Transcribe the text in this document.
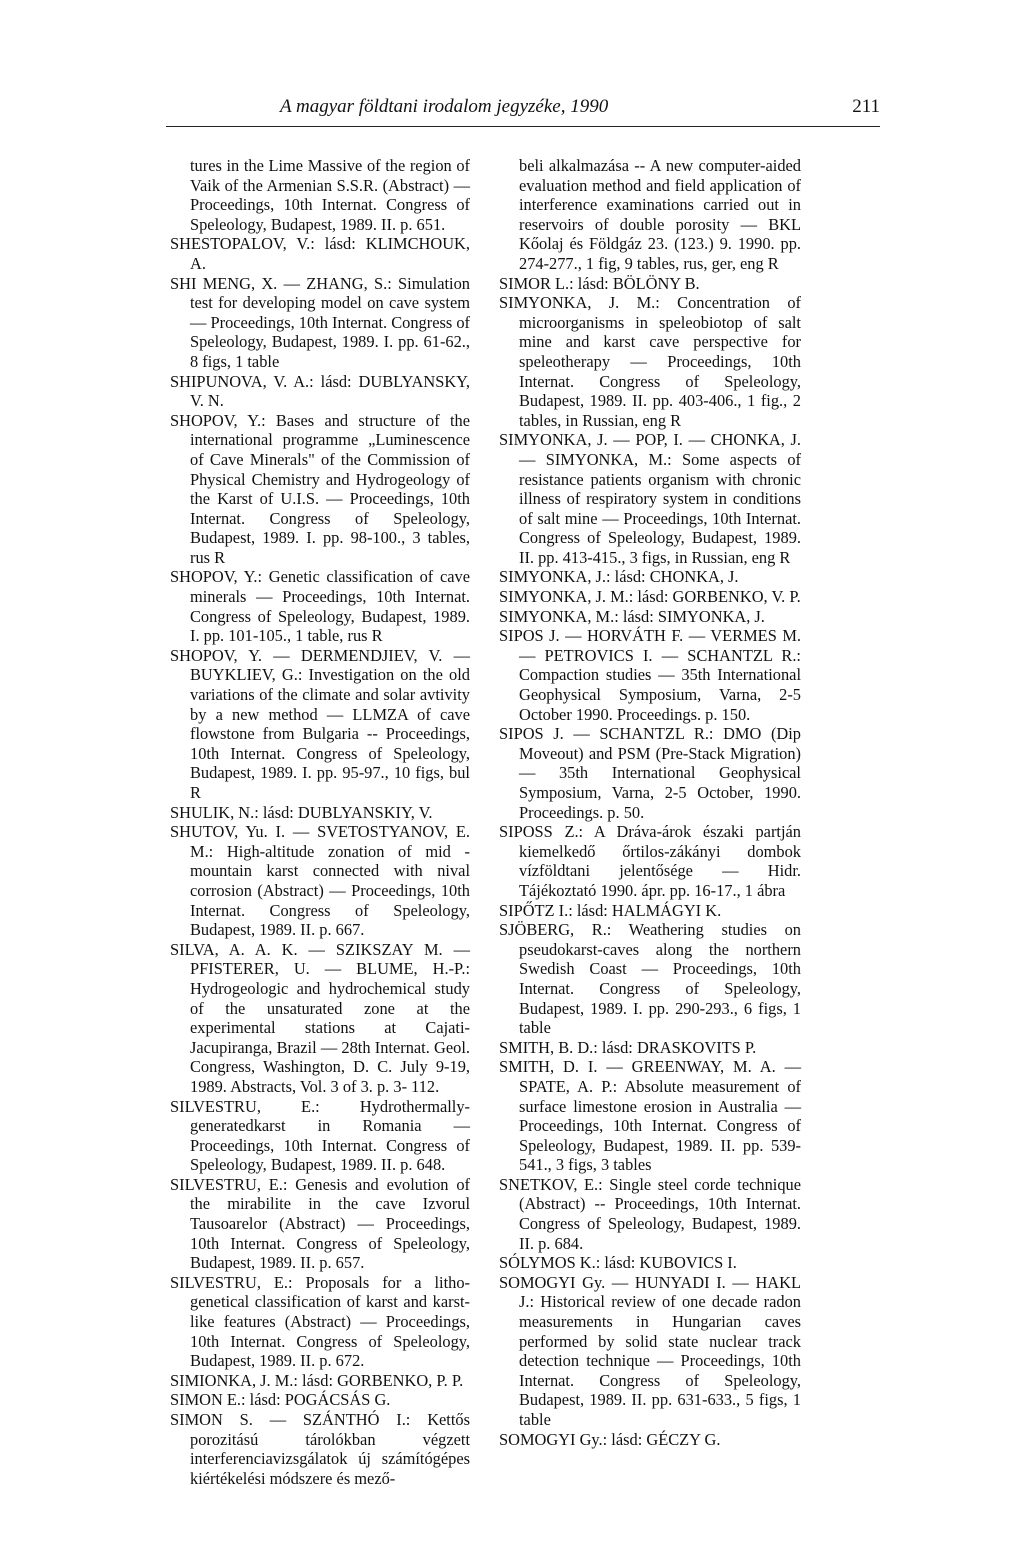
A magyar földtani irodalom jegyzéke, 1990	211

tures in the Lime Massive of the region of Vaik of the Armenian S.S.R. (Abstract) — Proceedings, 10th Internat. Congress of Speleology, Budapest, 1989. II. p. 651.

SHESTOPALOV, V.: lásd: KLIMCHOUK, A.

SHI MENG, X. — ZHANG, S.: Simulation test for developing model on cave system — Proceedings, 10th Internat. Congress of Speleology, Budapest, 1989. I. pp. 61-62., 8 figs, 1 table

SHIPUNOVA, V. A.: lásd: DUBLYANSKY, V. N.

SHOPOV, Y.: Bases and structure of the international programme „Luminescence of Cave Minerals" of the Commission of Physical Chemistry and Hydrogeology of the Karst of U.I.S. — Proceedings, 10th Internat. Congress of Speleology, Budapest, 1989. I. pp. 98-100., 3 tables, rus R

SHOPOV, Y.: Genetic classification of cave minerals — Proceedings, 10th Internat. Congress of Speleology, Budapest, 1989. I. pp. 101-105., 1 table, rus R

SHOPOV, Y. — DERMENDJIEV, V. — BUYKLIEV, G.: Investigation on the old variations of the climate and solar avtivity by a new method — LLMZA of cave flowstone from Bulgaria -- Proceedings, 10th Internat. Congress of Speleology, Budapest, 1989. I. pp. 95-97., 10 figs, bul R

SHULIK, N.: lásd: DUBLYANSKIY, V.

SHUTOV, Yu. I. — SVETOSTYANOV, E. M.: High-altitude zonation of mid - mountain karst connected with nival corrosion (Abstract) — Proceedings, 10th Internat. Congress of Speleology, Budapest, 1989. II. p. 667.

SILVA, A. A. K. — SZIKSZAY M. — PFISTERER, U. — BLUME, H.-P.: Hydrogeologic and hydrochemical study of the unsaturated zone at the experimental stations at Cajati-Jacupiranga, Brazil — 28th Internat. Geol. Congress, Washington, D. C. July 9-19, 1989. Abstracts, Vol. 3 of 3. p. 3- 112.

SILVESTRU, E.: Hydrothermally-generatedkarst in Romania — Proceedings, 10th Internat. Congress of Speleology, Budapest, 1989. II. p. 648.

SILVESTRU, E.: Genesis and evolution of the mirabilite in the cave Izvorul Tausoarelor (Abstract) — Proceedings, 10th Internat. Congress of Speleology, Budapest, 1989. II. p. 657.

SILVESTRU, E.: Proposals for a litho-genetical classification of karst and karst-like features (Abstract) — Proceedings, 10th Internat. Congress of Speleology, Budapest, 1989. II. p. 672.

SIMIONKA, J. M.: lásd: GORBENKO, P. P.

SIMON E.: lásd: POGÁCSÁS G.

SIMON S. — SZÁNTHÓ I.: Kettős porozitású tárolókban végzett interferenciavizsgálatok új számítógépes kiértékelési módszere és mező-

beli alkalmazása -- A new computer-aided evaluation method and field application of interference examinations carried out in reservoirs of double porosity — BKL Kőolaj és Földgáz 23. (123.) 9. 1990. pp. 274-277., 1 fig, 9 tables, rus, ger, eng R

SIMOR L.: lásd: BÖLÖNY B.

SIMYONKA, J. M.: Concentration of microorganisms in speleobiotop of salt mine and karst cave perspective for speleotherapy — Proceedings, 10th Internat. Congress of Speleology, Budapest, 1989. II. pp. 403-406., 1 fig., 2 tables, in Russian, eng R

SIMYONKA, J. — POP, I. — CHONKA, J. — SIMYONKA, M.: Some aspects of resistance patients organism with chronic illness of respiratory system in conditions of salt mine — Proceedings, 10th Internat. Congress of Speleology, Budapest, 1989. II. pp. 413-415., 3 figs, in Russian, eng R

SIMYONKA, J.: lásd: CHONKA, J.

SIMYONKA, J. M.: lásd: GORBENKO, V. P.

SIMYONKA, M.: lásd: SIMYONKA, J.

SIPOS J. — HORVÁTH F. — VERMES M. — PETROVICS I. — SCHANTZL R.: Compaction studies — 35th International Geophysical Symposium, Varna, 2-5 October 1990. Proceedings. p. 150.

SIPOS J. — SCHANTZL R.: DMO (Dip Moveout) and PSM (Pre-Stack Migration) — 35th International Geophysical Symposium, Varna, 2-5 October, 1990. Proceedings. p. 50.

SIPOSS Z.: A Dráva-árok északi partján kiemelkedő őrtilos-zákányi dombok vízföldtani jelentősége — Hidr. Tájékoztató 1990. ápr. pp. 16-17., 1 ábra

SIPŐTZ I.: lásd: HALMÁGYI K.

SJÖBERG, R.: Weathering studies on pseudokarst-caves along the northern Swedish Coast — Proceedings, 10th Internat. Congress of Speleology, Budapest, 1989. I. pp. 290-293., 6 figs, 1 table

SMITH, B. D.: lásd: DRASKOVITS P.

SMITH, D. I. — GREENWAY, M. A. — SPATE, A. P.: Absolute measurement of surface limestone erosion in Australia — Proceedings, 10th Internat. Congress of Speleology, Budapest, 1989. II. pp. 539-541., 3 figs, 3 tables

SNETKOV, E.: Single steel corde technique (Abstract) -- Proceedings, 10th Internat. Congress of Speleology, Budapest, 1989. II. p. 684.

SÓLYMOS K.: lásd: KUBOVICS I.

SOMOGYI Gy. — HUNYADI I. — HAKL J.: Historical review of one decade radon measurements in Hungarian caves performed by solid state nuclear track detection technique — Proceedings, 10th Internat. Congress of Speleology, Budapest, 1989. II. pp. 631-633., 5 figs, 1 table

SOMOGYI Gy.: lásd: GÉCZY G.
